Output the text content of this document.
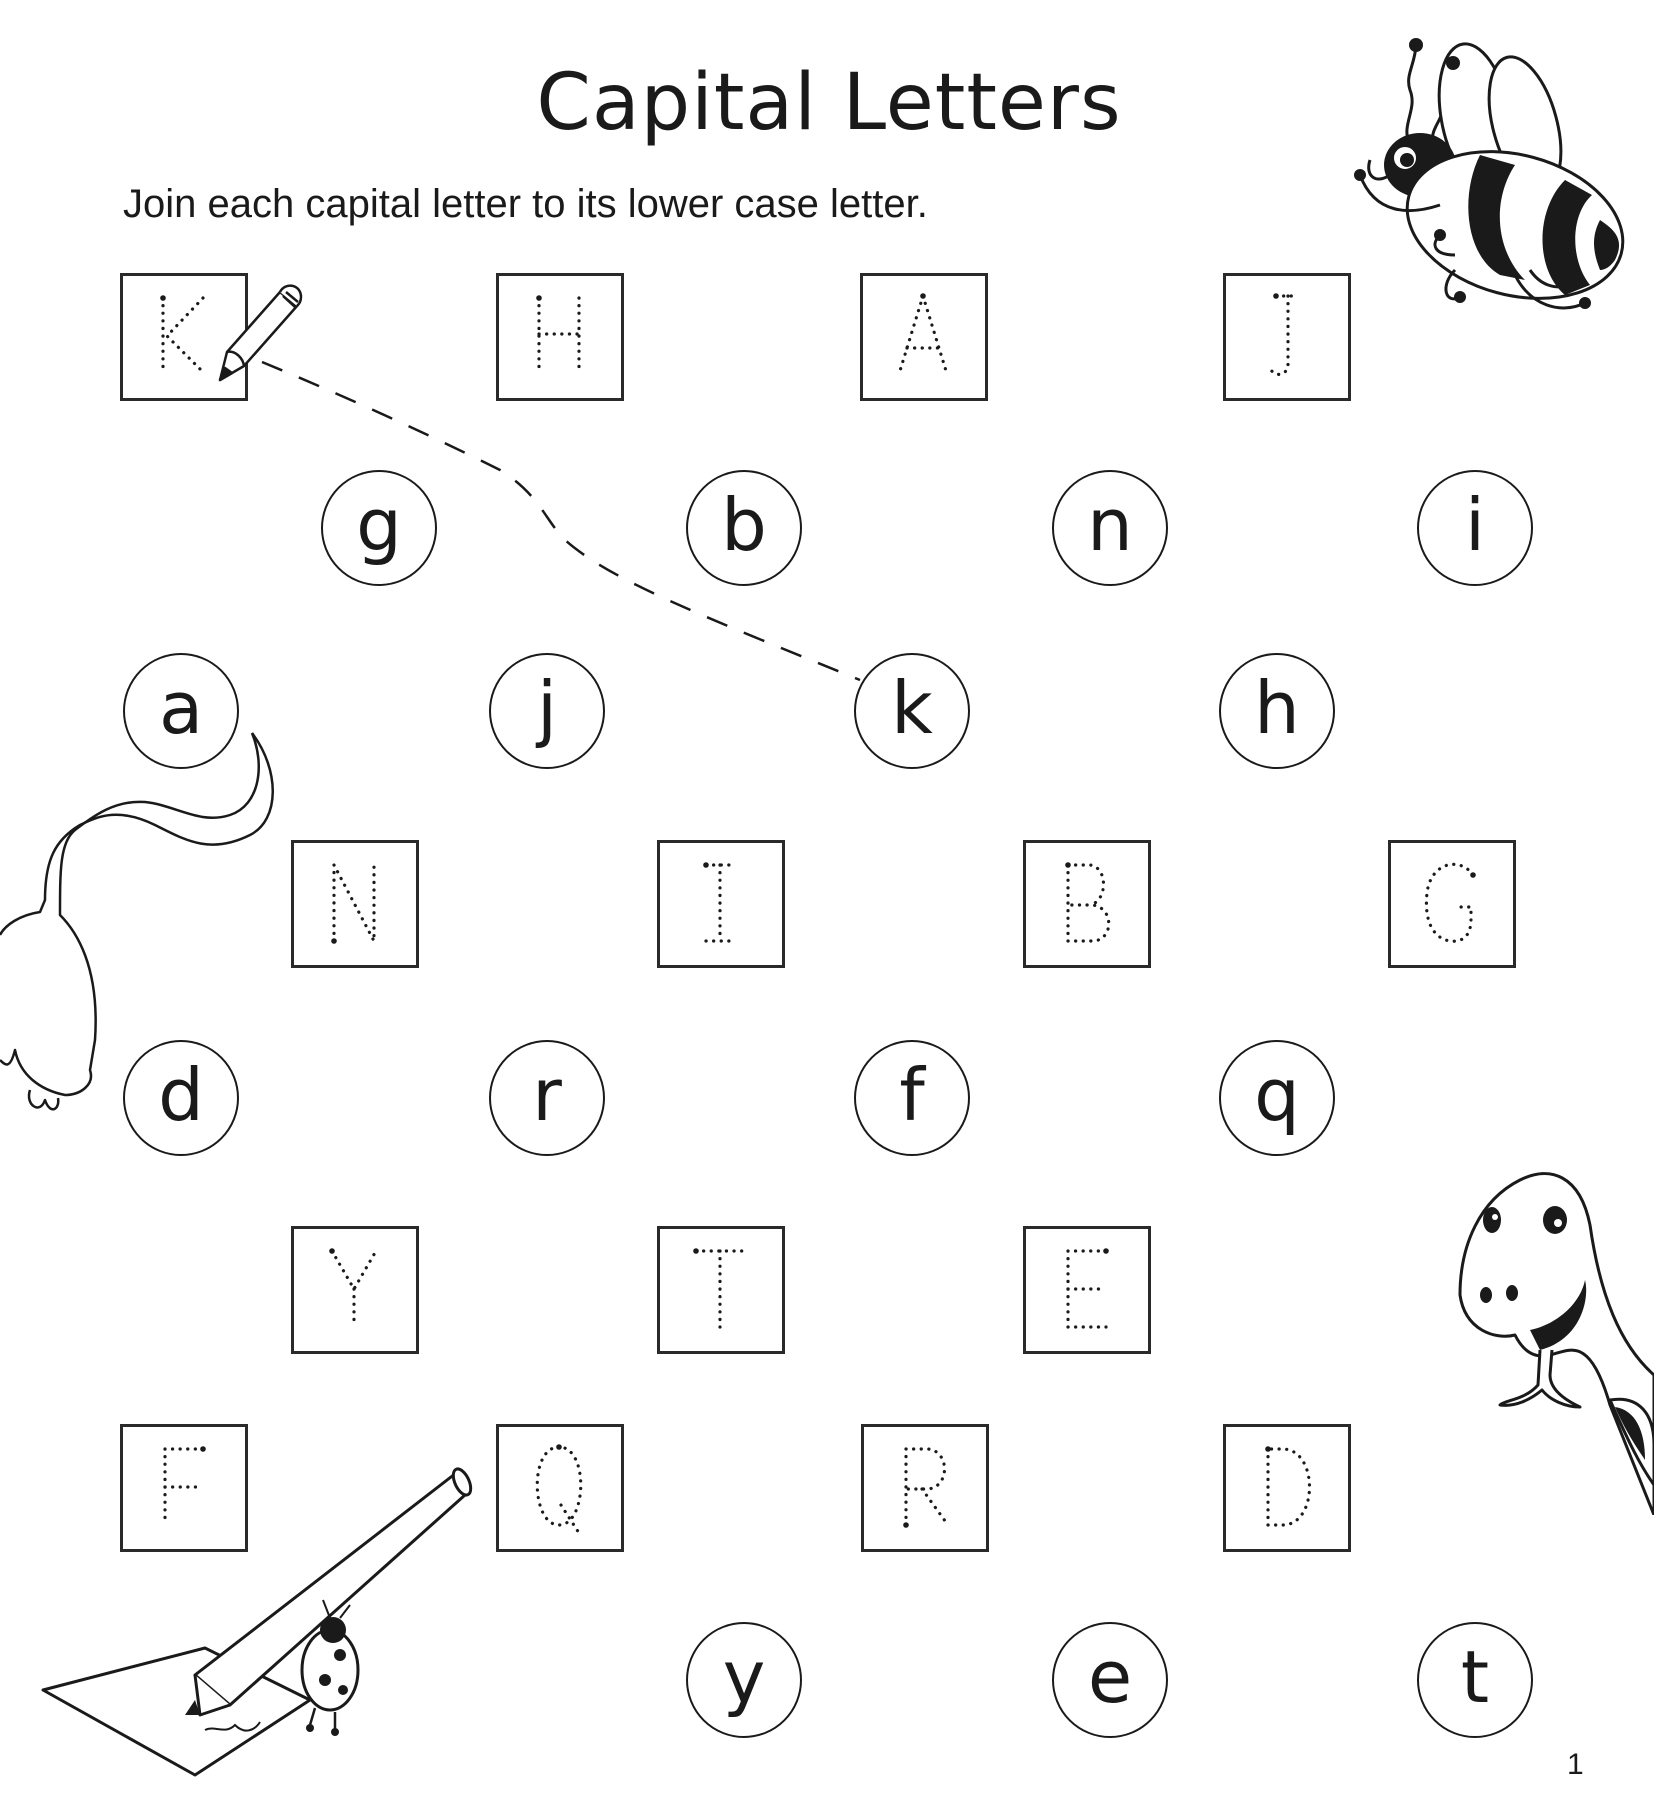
Capital Letters
Join each capital letter to its lower case letter.
g	b	n	i
a	j	k	h
d	r	f	q
y	e	t
1
